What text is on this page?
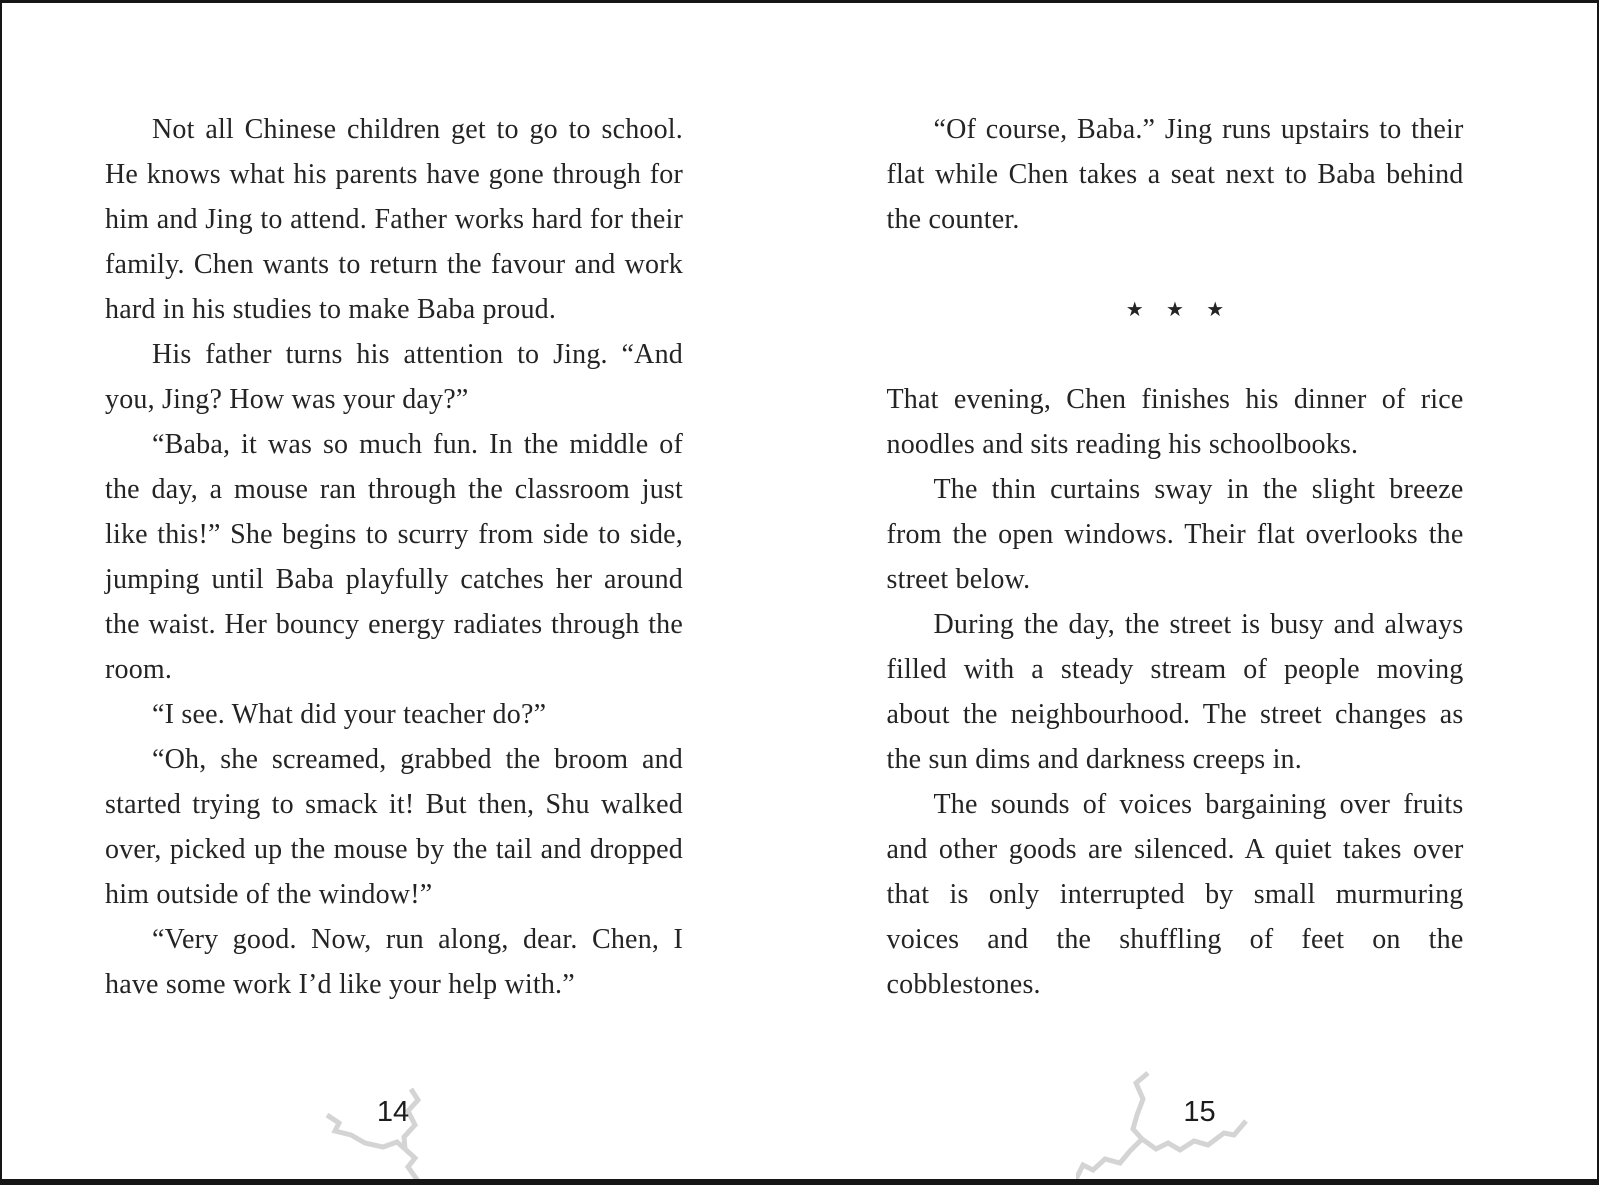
Not all Chinese children get to go to school. He knows what his parents have gone through for him and Jing to attend. Father works hard for their family. Chen wants to return the favour and work hard in his studies to make Baba proud.

His father turns his attention to Jing. “And you, Jing? How was your day?”

“Baba, it was so much fun. In the middle of the day, a mouse ran through the classroom just like this!” She begins to scurry from side to side, jumping until Baba playfully catches her around the waist. Her bouncy energy radiates through the room.

“I see. What did your teacher do?”

“Oh, she screamed, grabbed the broom and started trying to smack it! But then, Shu walked over, picked up the mouse by the tail and dropped him outside of the window!”

“Very good. Now, run along, dear. Chen, I have some work I’d like your help with.”

14

“Of course, Baba.” Jing runs upstairs to their flat while Chen takes a seat next to Baba behind the counter.

★ ★ ★

That evening, Chen finishes his dinner of rice noodles and sits reading his schoolbooks.

The thin curtains sway in the slight breeze from the open windows. Their flat overlooks the street below.

During the day, the street is busy and always filled with a steady stream of people moving about the neighbourhood. The street changes as the sun dims and darkness creeps in.

The sounds of voices bargaining over fruits and other goods are silenced. A quiet takes over that is only interrupted by small murmuring voices and the shuffling of feet on the cobblestones.

15
